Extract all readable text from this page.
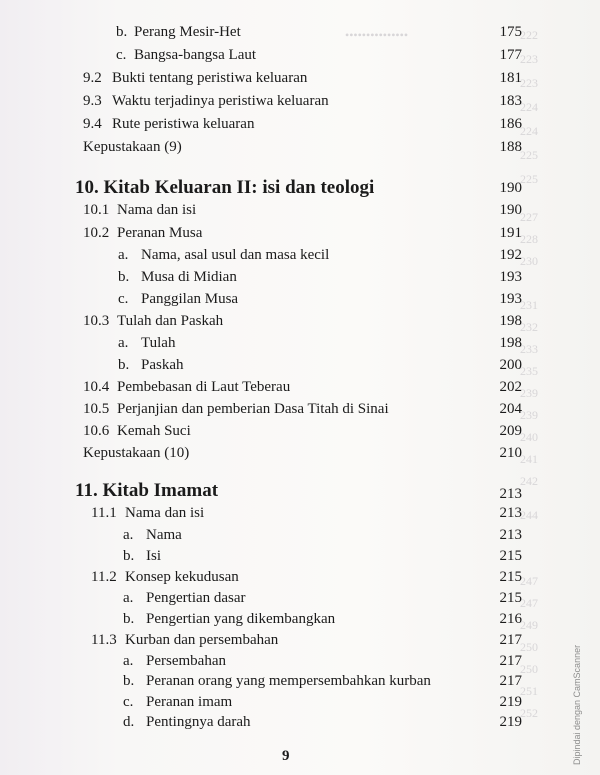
•••••••••••••••	222
223
223
224
224
225
225
227
228
230
231
232
233
235
239
239
240
241
242
244
247
247
249
250
250
251
252
b. Perang Mesir-Het	175
c. Bangsa-bangsa Laut	177
9.2 Bukti tentang peristiwa keluaran	181
9.3 Waktu terjadinya peristiwa keluaran	183
9.4 Rute peristiwa keluaran	186
Kepustakaan (9)	188
10. Kitab Keluaran II: isi dan teologi	190
10.1 Nama dan isi	190
10.2 Peranan Musa	191
a. Nama, asal usul dan masa kecil	192
b. Musa di Midian	193
c. Panggilan Musa	193
10.3 Tulah dan Paskah	198
a. Tulah	198
b. Paskah	200
10.4 Pembebasan di Laut Teberau	202
10.5 Perjanjian dan pemberian Dasa Titah di Sinai	204
10.6 Kemah Suci	209
Kepustakaan (10)	210
11. Kitab Imamat	213
11.1 Nama dan isi	213
a. Nama	213
b. Isi	215
11.2 Konsep kekudusan	215
a. Pengertian dasar	215
b. Pengertian yang dikembangkan	216
11.3 Kurban dan persembahan	217
a. Persembahan	217
b. Peranan orang yang mempersembahkan kurban	217
c. Peranan imam	219
d. Pentingnya darah	219
9	Dipindai dengan CamScanner
